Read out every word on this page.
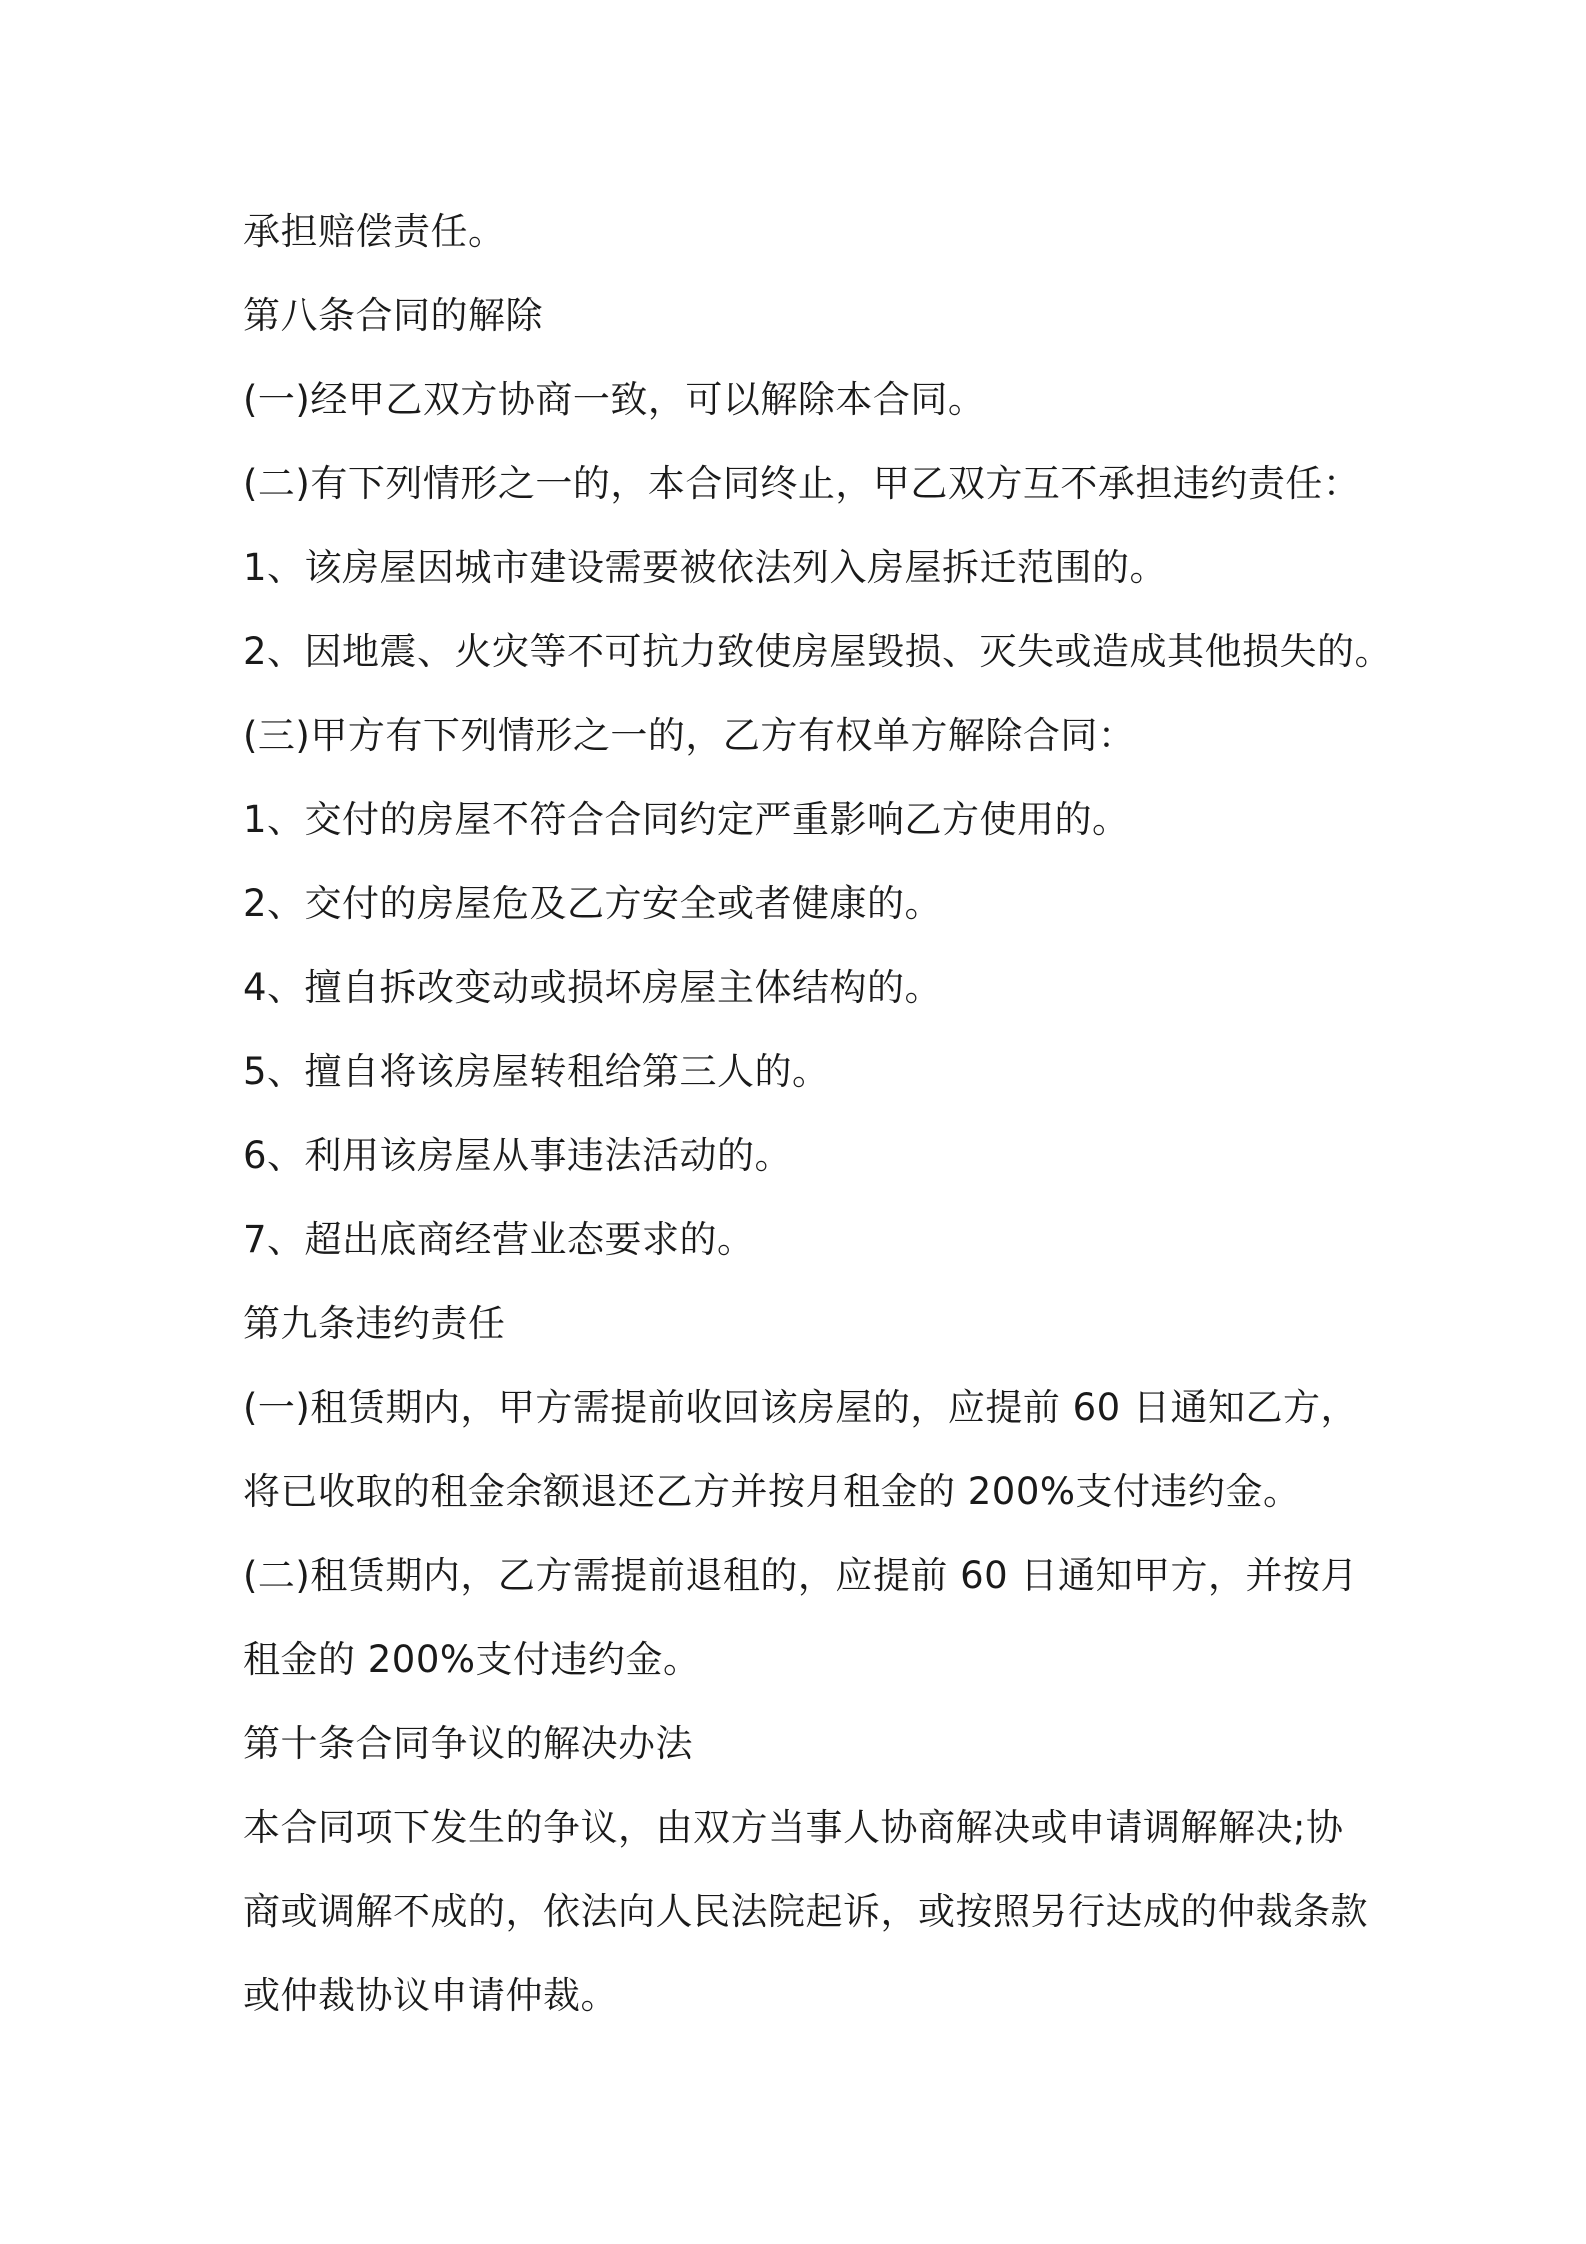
承担赔偿责任。
第八条合同的解除
(一)经甲乙双方协商一致，可以解除本合同。
(二)有下列情形之一的，本合同终止，甲乙双方互不承担违约责任：
1、该房屋因城市建设需要被依法列入房屋拆迁范围的。
2、因地震、火灾等不可抗力致使房屋毁损、灭失或造成其他损失的。
(三)甲方有下列情形之一的，乙方有权单方解除合同：
1、交付的房屋不符合合同约定严重影响乙方使用的。
2、交付的房屋危及乙方安全或者健康的。
4、擅自拆改变动或损坏房屋主体结构的。
5、擅自将该房屋转租给第三人的。
6、利用该房屋从事违法活动的。
7、超出底商经营业态要求的。
第九条违约责任
(一)租赁期内，甲方需提前收回该房屋的，应提前 60 日通知乙方，
将已收取的租金余额退还乙方并按月租金的 200%支付违约金。
(二)租赁期内，乙方需提前退租的，应提前 60 日通知甲方，并按月
租金的 200%支付违约金。
第十条合同争议的解决办法
本合同项下发生的争议，由双方当事人协商解决或申请调解解决;协
商或调解不成的，依法向人民法院起诉，或按照另行达成的仲裁条款
或仲裁协议申请仲裁。
